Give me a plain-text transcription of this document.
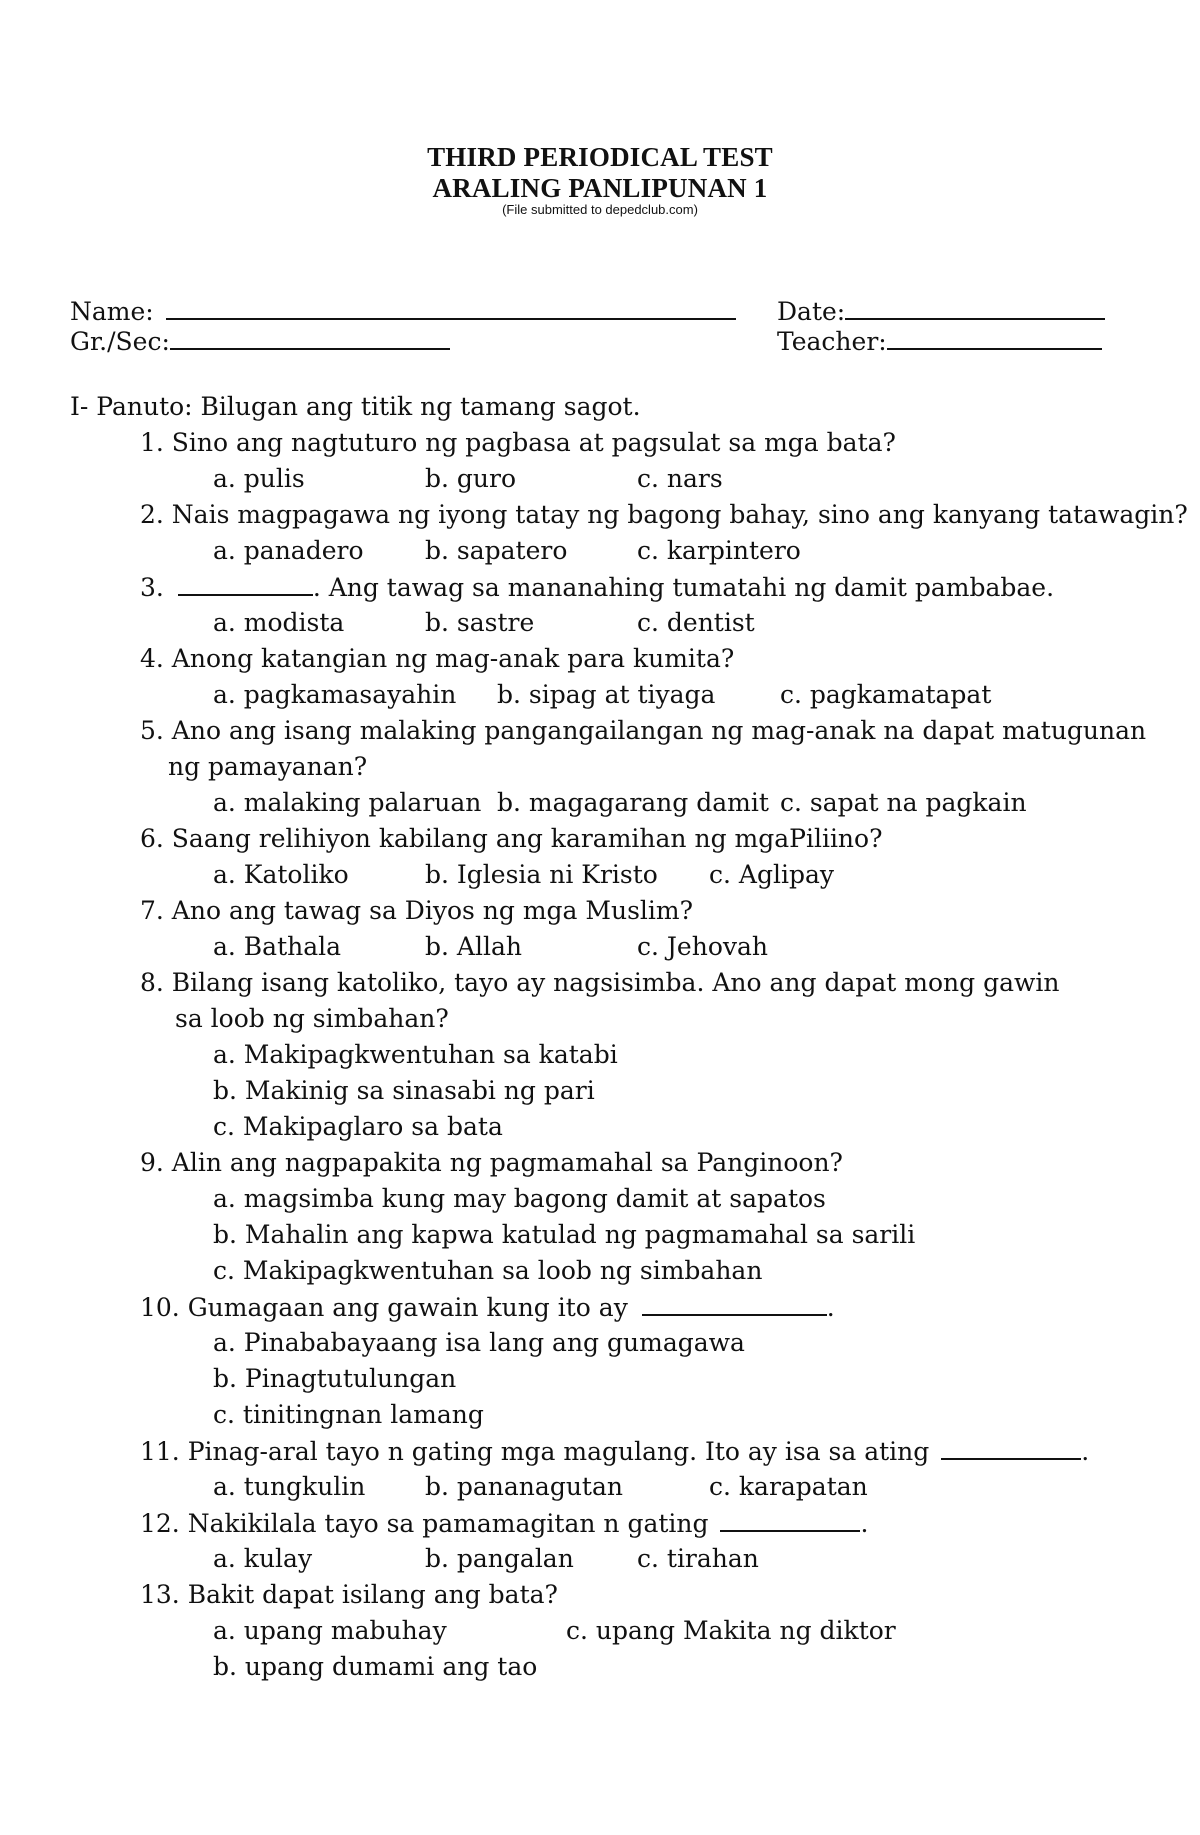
THIRD PERIODICAL TEST
ARALING PANLIPUNAN 1
(File submitted to depedclub.com)
Name:	Date:
Gr./Sec:	Teacher:
I- Panuto: Bilugan ang titik ng tamang sagot.
1. Sino ang nagtuturo ng pagbasa at pagsulat sa mga bata?
a. pulis	b. guro	c. nars
2. Nais magpagawa ng iyong tatay ng bagong bahay, sino ang kanyang tatawagin?
a. panadero b. sapatero	c. karpintero
3.	. Ang tawag sa mananahing tumatahi ng damit pambabae.
a. modista	b. sastre	c. dentist
4. Anong katangian ng mag-anak para kumita?
a. pagkamasayahin b. sipag at tiyaga	c. pagkamatapat
5. Ano ang isang malaking pangangailangan ng mag-anak na dapat matugunan
ng pamayanan?
a. malaking palaruan b. magagarang damit c. sapat na pagkain
6. Saang relihiyon kabilang ang karamihan ng mgaPiliino?
a. Katoliko	b. Iglesia ni Kristo c. Aglipay
7. Ano ang tawag sa Diyos ng mga Muslim?
a. Bathala	b. Allah	c. Jehovah
8. Bilang isang katoliko, tayo ay nagsisimba. Ano ang dapat mong gawin
sa loob ng simbahan?
a. Makipagkwentuhan sa katabi
b. Makinig sa sinasabi ng pari
c. Makipaglaro sa bata
9. Alin ang nagpapakita ng pagmamahal sa Panginoon?
a. magsimba kung may bagong damit at sapatos
b. Mahalin ang kapwa katulad ng pagmamahal sa sarili
c. Makipagkwentuhan sa loob ng simbahan
10. Gumagaan ang gawain kung ito ay	.
a. Pinababayaang isa lang ang gumagawa
b. Pinagtutulungan
c. tinitingnan lamang
11. Pinag-aral tayo n gating mga magulang. Ito ay isa sa ating	.
a. tungkulin b. pananagutan	c. karapatan
12. Nakikilala tayo sa pamamagitan n gating	.
a. kulay	b. pangalan	c. tirahan
13. Bakit dapat isilang ang bata?
a. upang mabuhay	c. upang Makita ng diktor
b. upang dumami ang tao
